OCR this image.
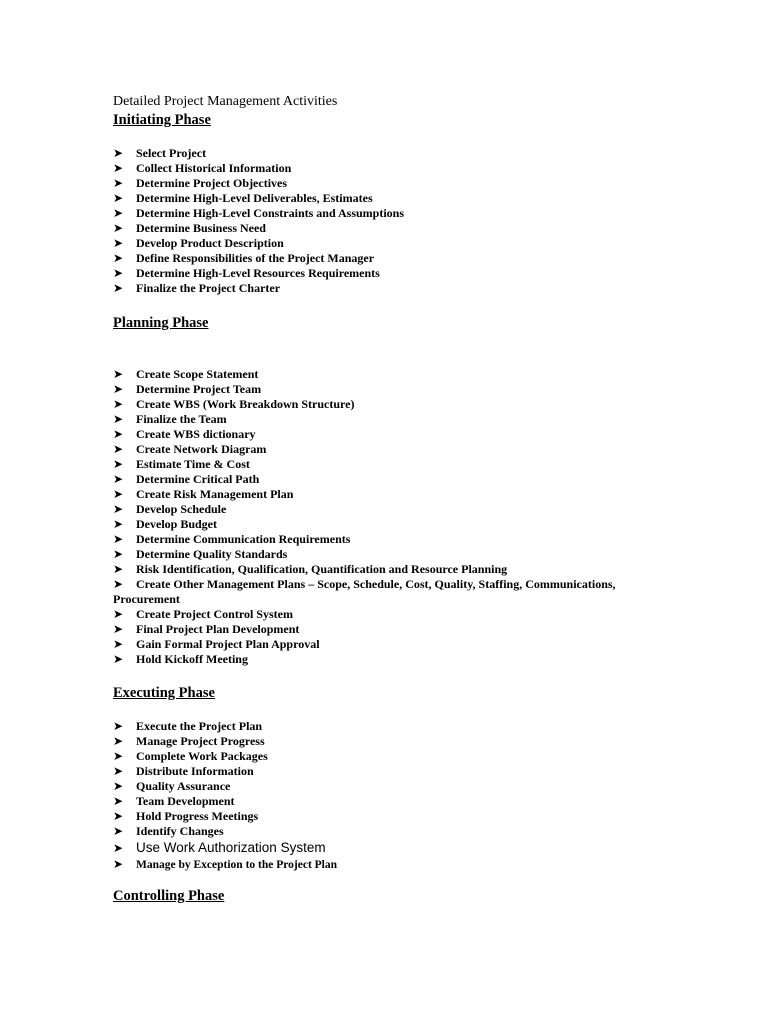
Detailed Project Management Activities
Initiating Phase
➤ Select Project
➤ Collect Historical Information
➤ Determine Project Objectives
➤ Determine High-Level Deliverables, Estimates
➤ Determine High-Level Constraints and Assumptions
➤ Determine Business Need
➤ Develop Product Description
➤ Define Responsibilities of the Project Manager
➤ Determine High-Level Resources Requirements
➤ Finalize the Project Charter
Planning Phase
➤ Create Scope Statement
➤ Determine Project Team
➤ Create WBS (Work Breakdown Structure)
➤ Finalize the Team
➤ Create WBS dictionary
➤ Create Network Diagram
➤ Estimate Time & Cost
➤ Determine Critical Path
➤ Create Risk Management Plan
➤ Develop Schedule
➤ Develop Budget
➤ Determine Communication Requirements
➤ Determine Quality Standards
➤ Risk Identification, Qualification, Quantification and Resource Planning
➤ Create Other Management Plans – Scope, Schedule, Cost, Quality, Staffing, Communications, Procurement
➤ Create Project Control System
➤ Final Project Plan Development
➤ Gain Formal Project Plan Approval
➤ Hold Kickoff Meeting
Executing Phase
➤ Execute the Project Plan
➤ Manage Project Progress
➤ Complete Work Packages
➤ Distribute Information
➤ Quality Assurance
➤ Team Development
➤ Hold Progress Meetings
➤ Identify Changes
➤ Use Work Authorization System
➤ Manage by Exception to the Project Plan
Controlling Phase
